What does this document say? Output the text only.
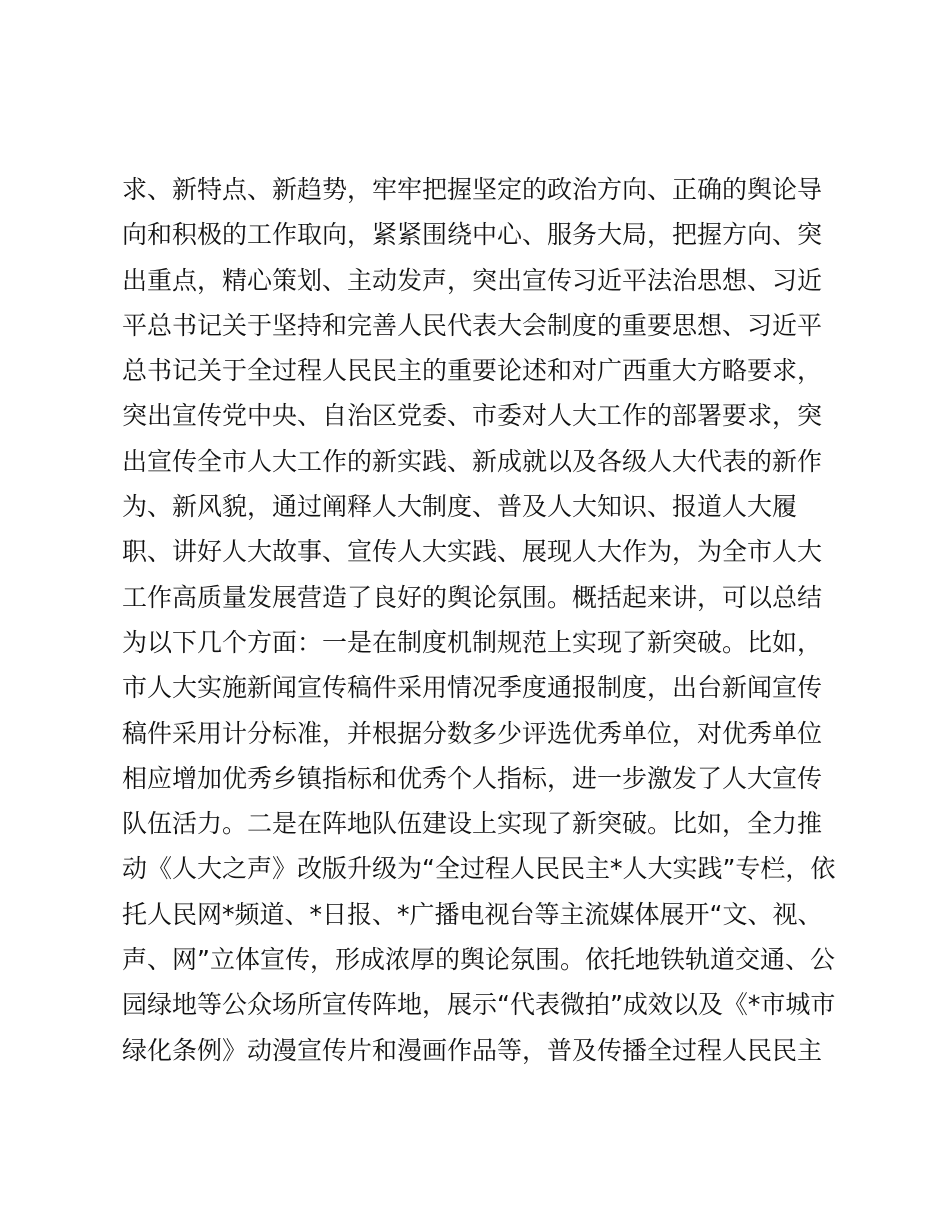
求、新特点、新趋势，牢牢把握坚定的政治方向、正确的舆论导
向和积极的工作取向，紧紧围绕中心、服务大局，把握方向、突
出重点，精心策划、主动发声，突出宣传习近平法治思想、习近
平总书记关于坚持和完善人民代表大会制度的重要思想、习近平
总书记关于全过程人民民主的重要论述和对广西重大方略要求，
突出宣传党中央、自治区党委、市委对人大工作的部署要求，突
出宣传全市人大工作的新实践、新成就以及各级人大代表的新作
为、新风貌，通过阐释人大制度、普及人大知识、报道人大履
职、讲好人大故事、宣传人大实践、展现人大作为，为全市人大
工作高质量发展营造了良好的舆论氛围。概括起来讲，可以总结
为以下几个方面：一是在制度机制规范上实现了新突破。比如，
市人大实施新闻宣传稿件采用情况季度通报制度，出台新闻宣传
稿件采用计分标准，并根据分数多少评选优秀单位，对优秀单位
相应增加优秀乡镇指标和优秀个人指标，进一步激发了人大宣传
队伍活力。二是在阵地队伍建设上实现了新突破。比如，全力推
动《人大之声》改版升级为“全过程人民民主*人大实践”专栏，依
托人民网*频道、*日报、*广播电视台等主流媒体展开“文、视、
声、网”立体宣传，形成浓厚的舆论氛围。依托地铁轨道交通、公
园绿地等公众场所宣传阵地，展示“代表微拍”成效以及《*市城市
绿化条例》动漫宣传片和漫画作品等，普及传播全过程人民民主
